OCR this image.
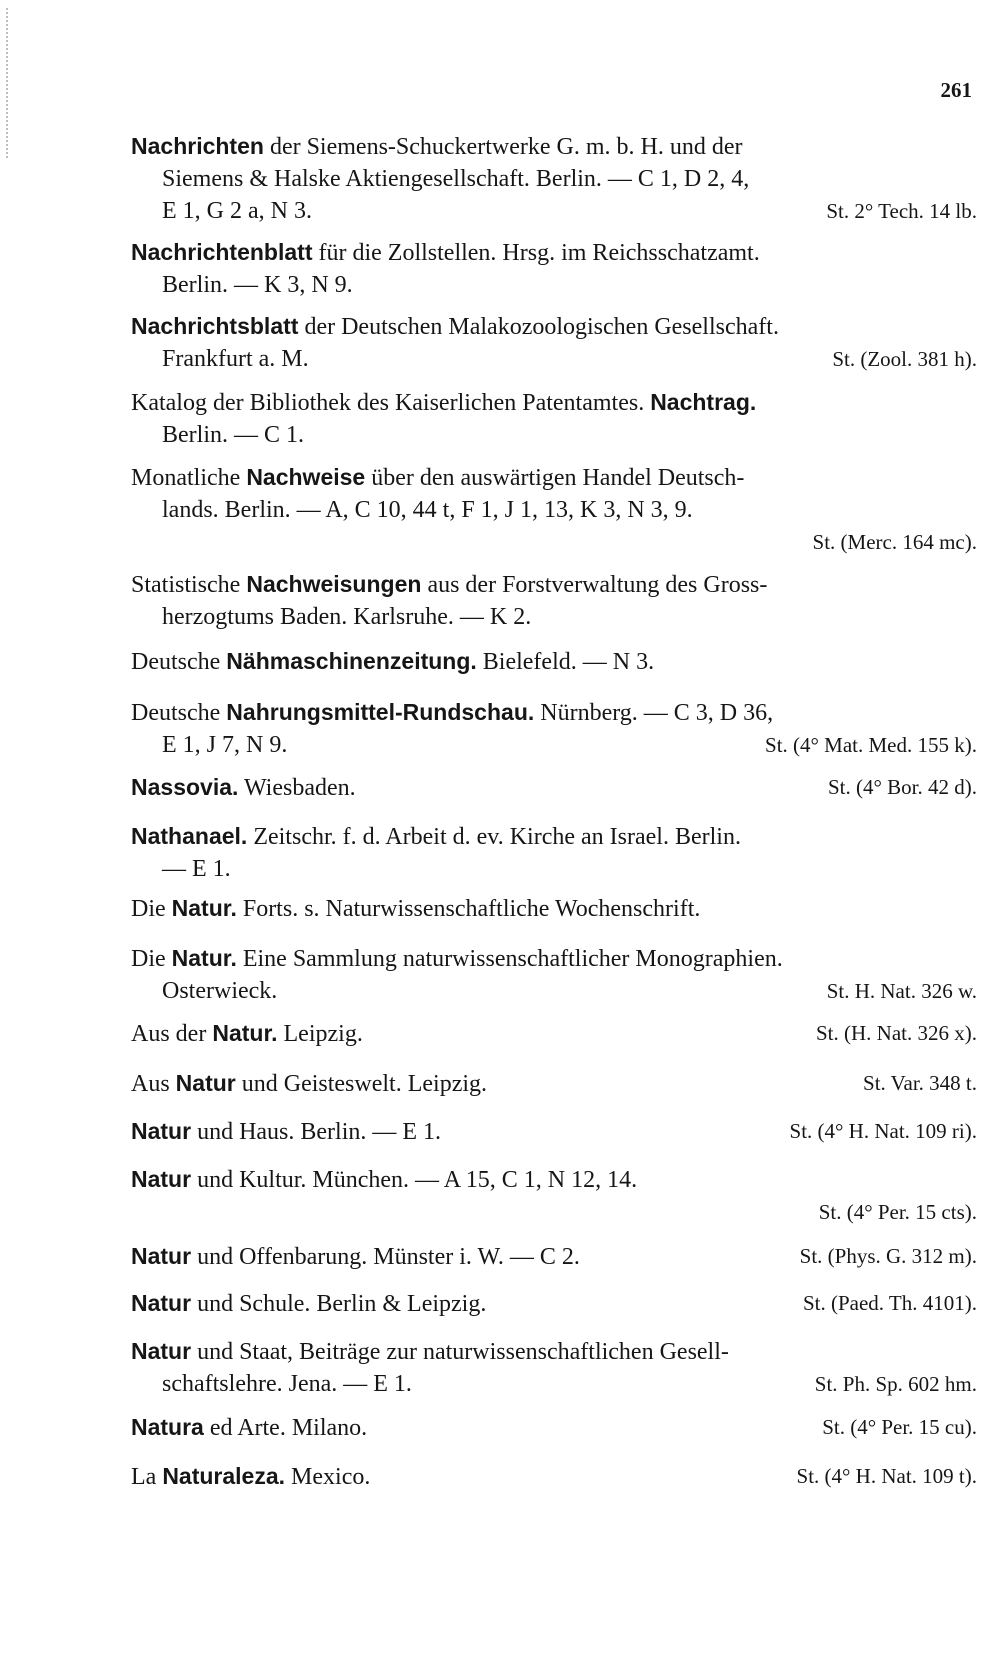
261
Nachrichten der Siemens-Schuckertwerke G. m. b. H. und der
Siemens & Halske Aktiengesellschaft. Berlin. — C 1, D 2, 4,
E 1, G 2 a, N 3.	St. 2° Tech. 14 lb.
Nachrichtenblatt für die Zollstellen. Hrsg. im Reichsschatzamt.
Berlin. — K 3, N 9.
Nachrichtsblatt der Deutschen Malakozoologischen Gesellschaft.
Frankfurt a. M.	St. (Zool. 381 h).
Katalog der Bibliothek des Kaiserlichen Patentamtes. Nachtrag.
Berlin. — C 1.
Monatliche Nachweise über den auswärtigen Handel Deutsch-
lands. Berlin. — A, C 10, 44 t, F 1, J 1, 13, K 3, N 3, 9.
St. (Merc. 164 mc).
Statistische Nachweisungen aus der Forstverwaltung des Gross-
herzogtums Baden. Karlsruhe. — K 2.
Deutsche Nähmaschinenzeitung. Bielefeld. — N 3.
Deutsche Nahrungsmittel-Rundschau. Nürnberg. — C 3, D 36,
E 1, J 7, N 9.	St. (4° Mat. Med. 155 k).
Nassovia. Wiesbaden.	St. (4° Bor. 42 d).
Nathanael. Zeitschr. f. d. Arbeit d. ev. Kirche an Israel. Berlin.
— E 1.
Die Natur. Forts. s. Naturwissenschaftliche Wochenschrift.
Die Natur. Eine Sammlung naturwissenschaftlicher Monographien.
Osterwieck.	St. H. Nat. 326 w.
Aus der Natur. Leipzig.	St. (H. Nat. 326 x).
Aus Natur und Geisteswelt. Leipzig.	St. Var. 348 t.
Natur und Haus. Berlin. — E 1.	St. (4° H. Nat. 109 ri).
Natur und Kultur. München. — A 15, C 1, N 12, 14.
St. (4° Per. 15 cts).
Natur und Offenbarung. Münster i. W. — C 2.	St. (Phys. G. 312 m).
Natur und Schule. Berlin & Leipzig.	St. (Paed. Th. 4101).
Natur und Staat, Beiträge zur naturwissenschaftlichen Gesell-
schaftslehre. Jena. — E 1.	St. Ph. Sp. 602 hm.
Natura ed Arte. Milano.	St. (4° Per. 15 cu).
La Naturaleza. Mexico.	St. (4° H. Nat. 109 t).
